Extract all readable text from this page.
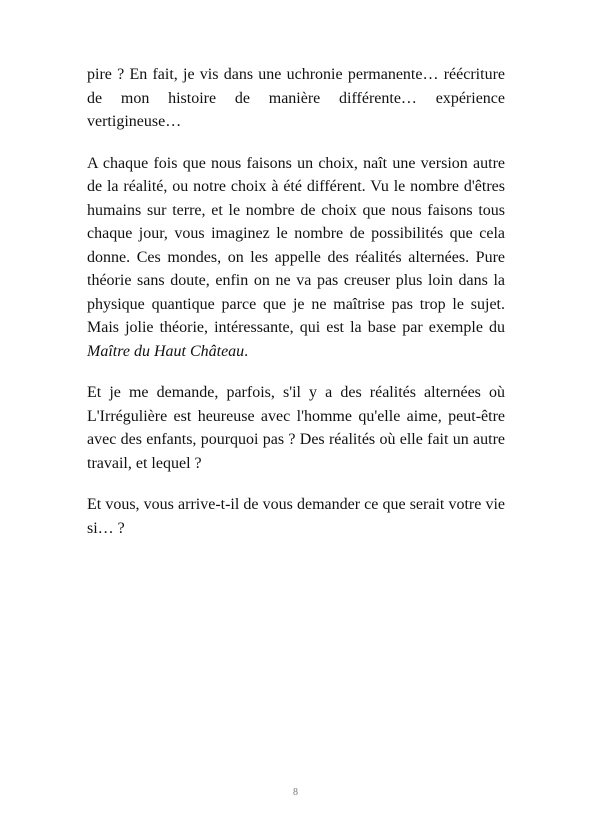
pire ? En fait, je vis dans une uchronie permanente… réécriture de mon histoire de manière différente… expérience vertigineuse…

A chaque fois que nous faisons un choix, naît une version autre de la réalité, ou notre choix à été différent. Vu le nombre d'êtres humains sur terre, et le nombre de choix que nous faisons tous chaque jour, vous imaginez le nombre de possibilités que cela donne. Ces mondes, on les appelle des réalités alternées. Pure théorie sans doute, enfin on ne va pas creuser plus loin dans la physique quantique parce que je ne maîtrise pas trop le sujet. Mais jolie théorie, intéressante, qui est la base par exemple du Maître du Haut Château.

Et je me demande, parfois, s'il y a des réalités alternées où L'Irrégulière est heureuse avec l'homme qu'elle aime, peut-être avec des enfants, pourquoi pas ? Des réalités où elle fait un autre travail, et lequel ?

Et vous, vous arrive-t-il de vous demander ce que serait votre vie si… ?

8
